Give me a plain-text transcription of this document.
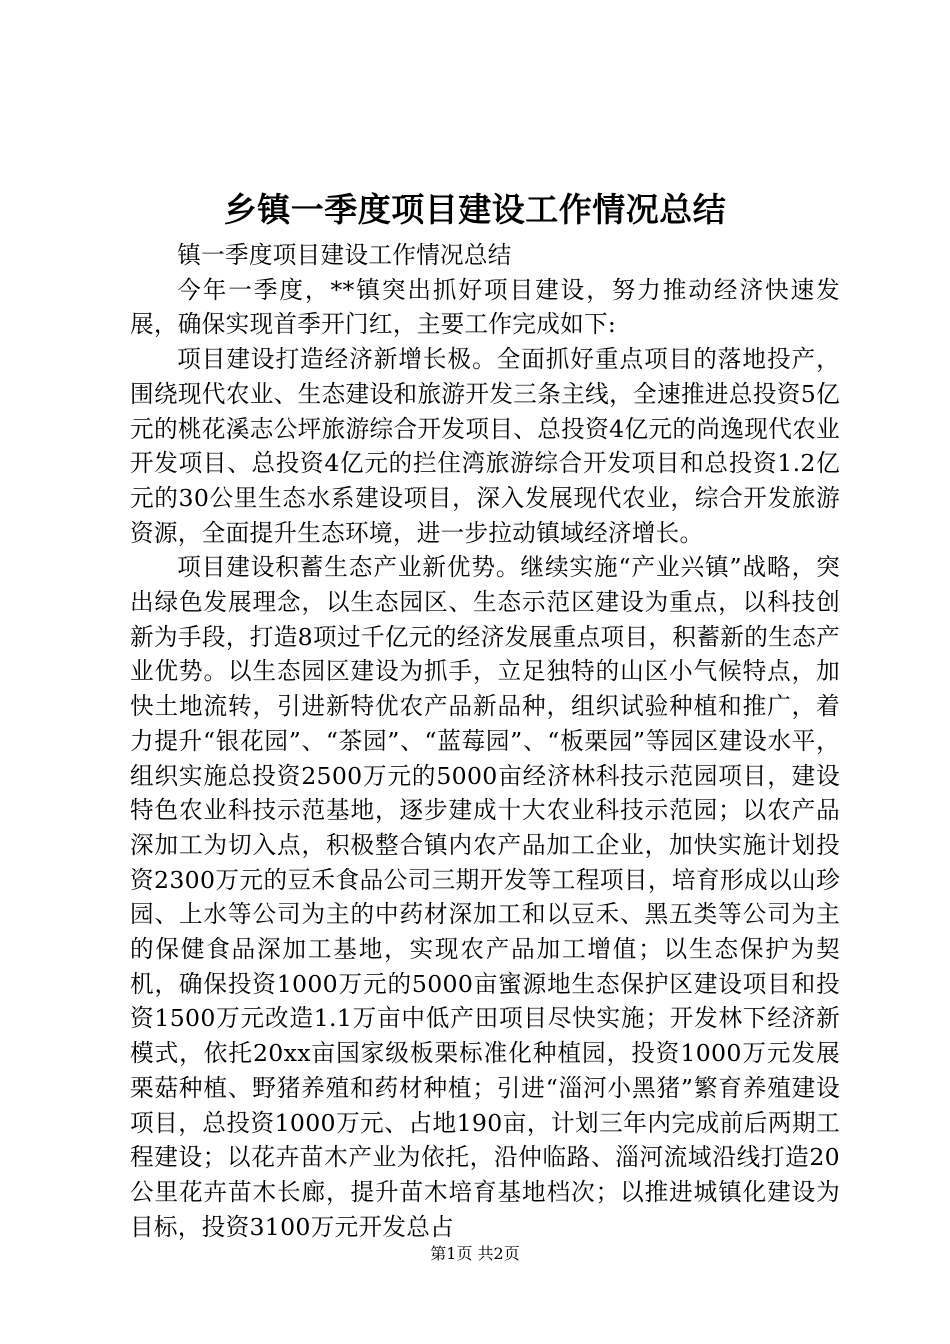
乡镇一季度项目建设工作情况总结

镇一季度项目建设工作情况总结

今年一季度，**镇突出抓好项目建设，努力推动经济快速发展，确保实现首季开门红，主要工作完成如下:

项目建设打造经济新增长极。全面抓好重点项目的落地投产，围绕现代农业、生态建设和旅游开发三条主线，全速推进总投资5亿元的桃花溪志公坪旅游综合开发项目、总投资4亿元的尚逸现代农业开发项目、总投资4亿元的拦住湾旅游综合开发项目和总投资1.2亿元的30公里生态水系建设项目，深入发展现代农业，综合开发旅游资源，全面提升生态环境，进一步拉动镇域经济增长。

项目建设积蓄生态产业新优势。继续实施“产业兴镇”战略，突出绿色发展理念，以生态园区、生态示范区建设为重点，以科技创新为手段，打造8项过千亿元的经济发展重点项目，积蓄新的生态产业优势。以生态园区建设为抓手，立足独特的山区小气候特点，加快土地流转，引进新特优农产品新品种，组织试验种植和推广，着力提升“银花园”、“茶园”、“蓝莓园”、“板栗园”等园区建设水平，组织实施总投资2500万元的5000亩经济林科技示范园项目，建设特色农业科技示范基地，逐步建成十大农业科技示范园；以农产品深加工为切入点，积极整合镇内农产品加工企业，加快实施计划投资2300万元的豆禾食品公司三期开发等工程项目，培育形成以山珍园、上水等公司为主的中药材深加工和以豆禾、黑五类等公司为主的保健食品深加工基地，实现农产品加工增值；以生态保护为契机，确保投资1000万元的5000亩蜜源地生态保护区建设项目和投资1500万元改造1.1万亩中低产田项目尽快实施；开发林下经济新模式，依托20xx亩国家级板栗标准化种植园，投资1000万元发展栗菇种植、野猪养殖和药材种植；引进“淄河小黑猪”繁育养殖建设项目，总投资1000万元、占地190亩，计划三年内完成前后两期工程建设；以花卉苗木产业为依托，沿仲临路、淄河流域沿线打造20公里花卉苗木长廊，提升苗木培育基地档次；以推进城镇化建设为目标，投资3100万元开发总占

第1页 共2页
